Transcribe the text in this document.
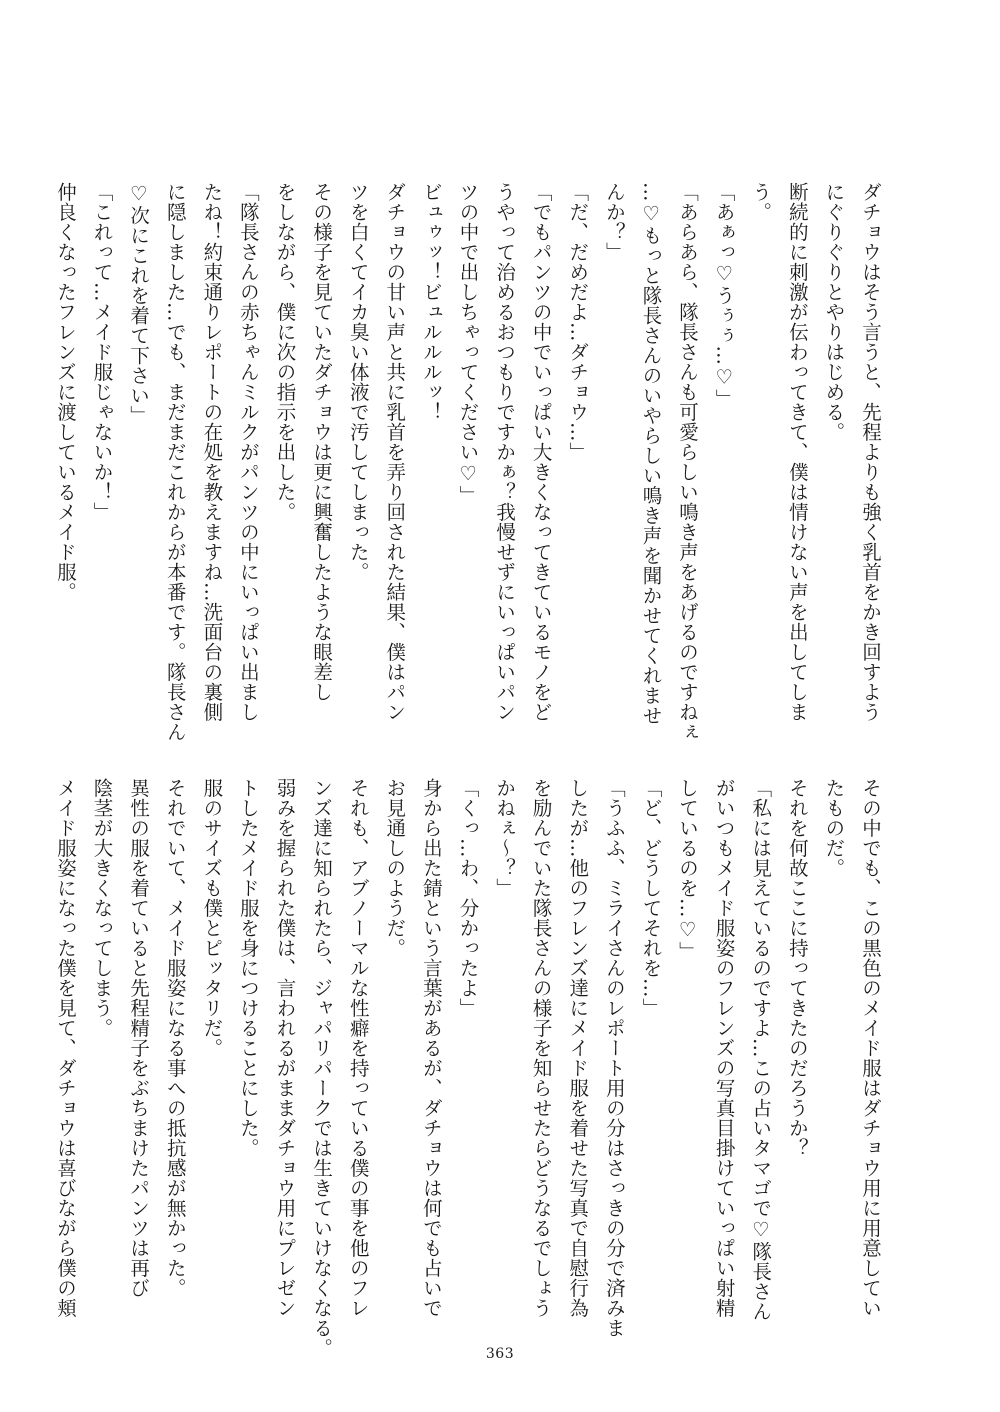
ダチョウはそう言うと、先程よりも強く乳首をかき回すよう
にぐりぐりとやりはじめる。
断続的に刺激が伝わってきて、僕は情けない声を出してしま
う。
「あぁっ♡うぅぅ…♡」
「あらあら、隊長さんも可愛らしい鳴き声をあげるのですねぇ
…♡もっと隊長さんのいやらしい鳴き声を聞かせてくれませ
んか？」
「だ、だめだよ…ダチョウ…」
「でもパンツの中でいっぱい大きくなってきているモノをど
うやって治めるおつもりですかぁ？我慢せずにいっぱいパン
ツの中で出しちゃってください♡」
ビュゥッ！ビュルルルッ！
ダチョウの甘い声と共に乳首を弄り回された結果、僕はパン
ツを白くてイカ臭い体液で汚してしまった。
その様子を見ていたダチョウは更に興奮したような眼差し
をしながら、僕に次の指示を出した。
「隊長さんの赤ちゃんミルクがパンツの中にいっぱい出まし
たね！約束通りレポートの在処を教えますね…洗面台の裏側
に隠しました…でも、まだまだこれからが本番です。隊長さん
♡次にこれを着て下さい」
「これって…メイド服じゃないか！」
仲良くなったフレンズに渡しているメイド服。
その中でも、この黒色のメイド服はダチョウ用に用意してい
たものだ。
それを何故ここに持ってきたのだろうか？
「私には見えているのですよ…この占いタマゴで♡隊長さん
がいつもメイド服姿のフレンズの写真目掛けていっぱい射精
しているのを…♡」
「ど、どうしてそれを…」
「うふふ、ミライさんのレポート用の分はさっきの分で済みま
したが…他のフレンズ達にメイド服を着せた写真で自慰行為
を励んでいた隊長さんの様子を知らせたらどうなるでしょう
かねぇ〜？」
「くっ…わ、分かったよ」
身から出た錆という言葉があるが、ダチョウは何でも占いで
お見通しのようだ。
それも、アブノーマルな性癖を持っている僕の事を他のフレ
ンズ達に知られたら、ジャパリパークでは生きていけなくなる。
弱みを握られた僕は、言われるがままダチョウ用にプレゼン
トしたメイド服を身につけることにした。
服のサイズも僕とピッタリだ。
それでいて、メイド服姿になる事への抵抗感が無かった。
異性の服を着ていると先程精子をぶちまけたパンツは再び
陰茎が大きくなってしまう。
メイド服姿になった僕を見て、ダチョウは喜びながら僕の頬
363
